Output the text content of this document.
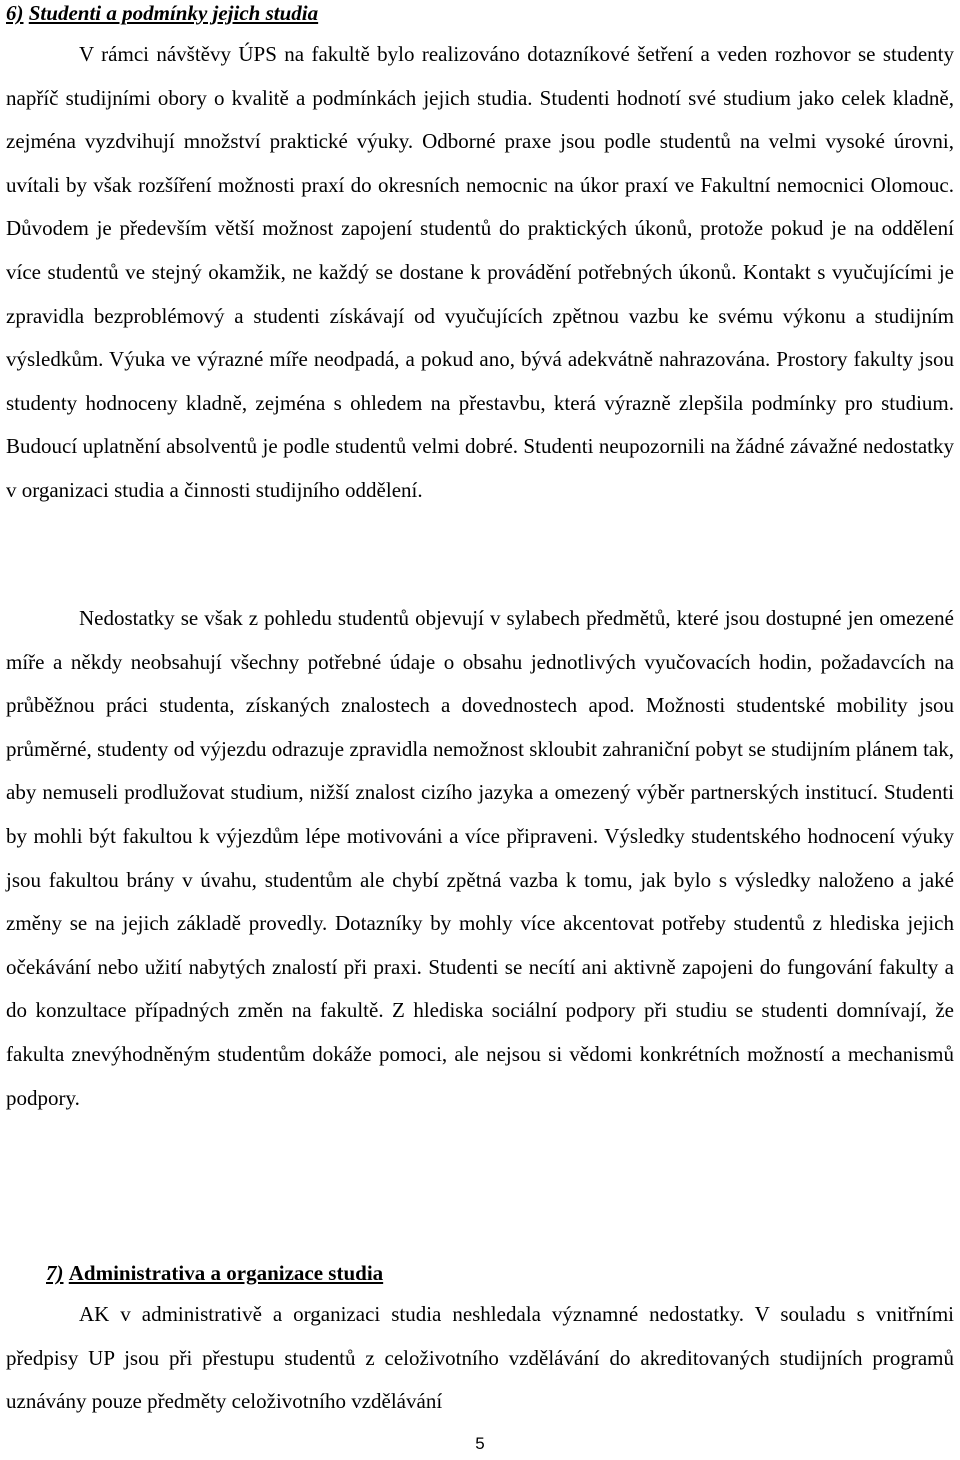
6) Studenti a podmínky jejich studia

V rámci návštěvy ÚPS na fakultě bylo realizováno dotazníkové šetření a veden rozhovor se studenty napříč studijními obory o kvalitě a podmínkách jejich studia. Studenti hodnotí své studium jako celek kladně, zejména vyzdvihují množství praktické výuky. Odborné praxe jsou podle studentů na velmi vysoké úrovni, uvítali by však rozšíření možnosti praxí do okresních nemocnic na úkor praxí ve Fakultní nemocnici Olomouc. Důvodem je především větší možnost zapojení studentů do praktických úkonů, protože pokud je na oddělení více studentů ve stejný okamžik, ne každý se dostane k provádění potřebných úkonů. Kontakt s vyučujícími je zpravidla bezproblémový a studenti získávají od vyučujících zpětnou vazbu ke svému výkonu a studijním výsledkům. Výuka ve výrazné míře neodpadá, a pokud ano, bývá adekvátně nahrazována. Prostory fakulty jsou studenty hodnoceny kladně, zejména s ohledem na přestavbu, která výrazně zlepšila podmínky pro studium. Budoucí uplatnění absolventů je podle studentů velmi dobré. Studenti neupozornili na žádné závažné nedostatky v organizaci studia a činnosti studijního oddělení.

Nedostatky se však z pohledu studentů objevují v sylabech předmětů, které jsou dostupné jen omezené míře a někdy neobsahují všechny potřebné údaje o obsahu jednotlivých vyučovacích hodin, požadavcích na průběžnou práci studenta, získaných znalostech a dovednostech apod. Možnosti studentské mobility jsou průměrné, studenty od výjezdu odrazuje zpravidla nemožnost skloubit zahraniční pobyt se studijním plánem tak, aby nemuseli prodlužovat studium, nižší znalost cizího jazyka a omezený výběr partnerských institucí. Studenti by mohli být fakultou k výjezdům lépe motivováni a více připraveni. Výsledky studentského hodnocení výuky jsou fakultou brány v úvahu, studentům ale chybí zpětná vazba k tomu, jak bylo s výsledky naloženo a jaké změny se na jejich základě provedly. Dotazníky by mohly více akcentovat potřeby studentů z hlediska jejich očekávání nebo užití nabytých znalostí při praxi. Studenti se necítí ani aktivně zapojeni do fungování fakulty a do konzultace případných změn na fakultě. Z hlediska sociální podpory při studiu se studenti domnívají, že fakulta znevýhodněným studentům dokáže pomoci, ale nejsou si vědomi konkrétních možností a mechanismů podpory.

7) Administrativa a organizace studia

AK v administrativě a organizaci studia neshledala významné nedostatky. V souladu s vnitřními předpisy UP jsou při přestupu studentů z celoživotního vzdělávání do akreditovaných studijních programů uznávány pouze předměty celoživotního vzdělávání

5
